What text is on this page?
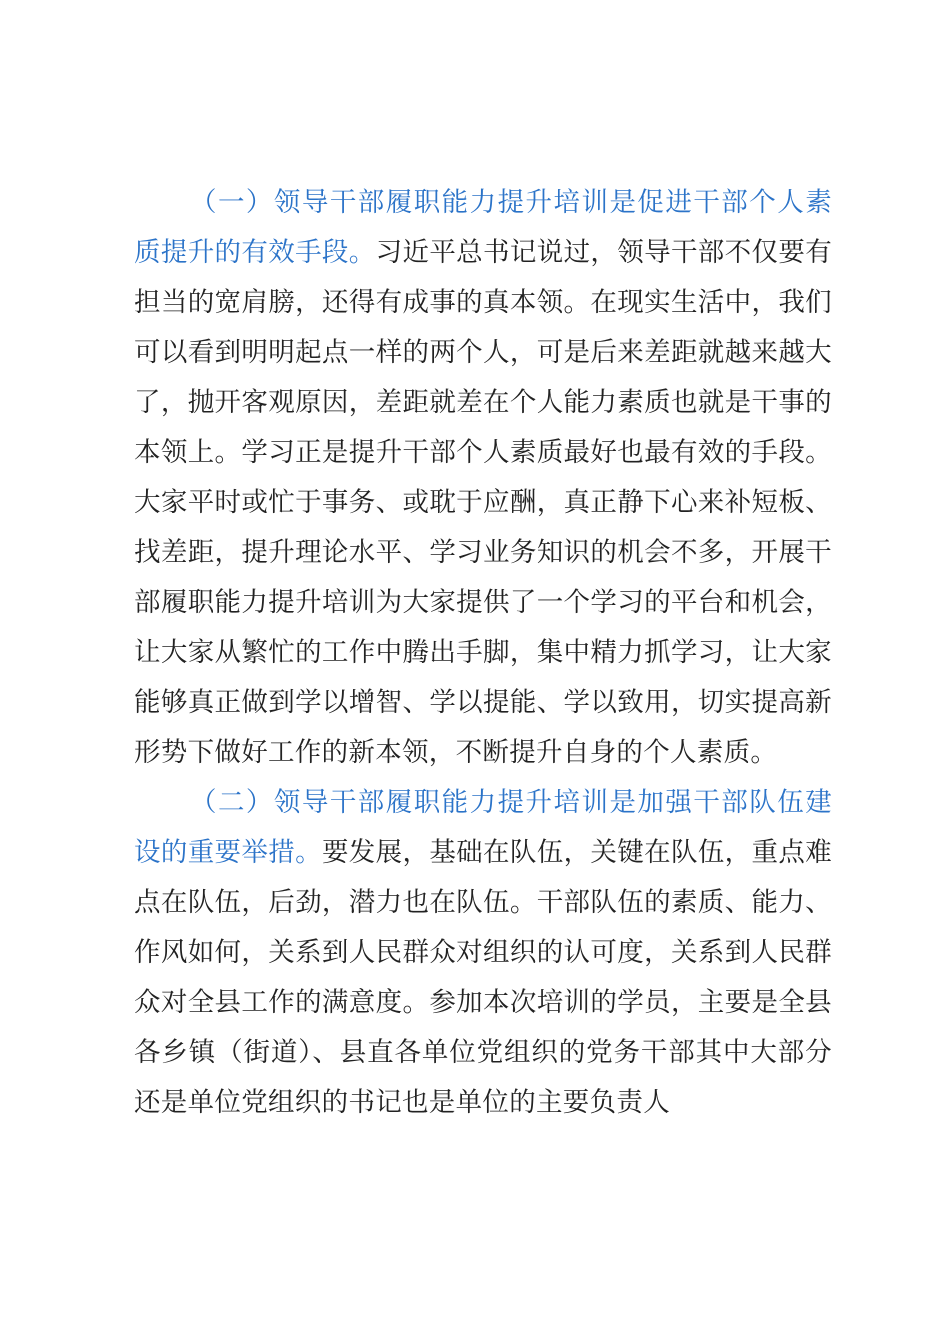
（一）领导干部履职能力提升培训是促进干部个人素质提升的有效手段。习近平总书记说过，领导干部不仅要有担当的宽肩膀，还得有成事的真本领。在现实生活中，我们可以看到明明起点一样的两个人，可是后来差距就越来越大了，抛开客观原因，差距就差在个人能力素质也就是干事的本领上。学习正是提升干部个人素质最好也最有效的手段。大家平时或忙于事务、或耽于应酬，真正静下心来补短板、找差距，提升理论水平、学习业务知识的机会不多，开展干部履职能力提升培训为大家提供了一个学习的平台和机会，让大家从繁忙的工作中腾出手脚，集中精力抓学习，让大家能够真正做到学以增智、学以提能、学以致用，切实提高新形势下做好工作的新本领，不断提升自身的个人素质。

（二）领导干部履职能力提升培训是加强干部队伍建设的重要举措。要发展，基础在队伍，关键在队伍，重点难点在队伍，后劲，潜力也在队伍。干部队伍的素质、能力、作风如何，关系到人民群众对组织的认可度，关系到人民群众对全县工作的满意度。参加本次培训的学员，主要是全县各乡镇（街道）、县直各单位党组织的党务干部其中大部分还是单位党组织的书记也是单位的主要负责人
